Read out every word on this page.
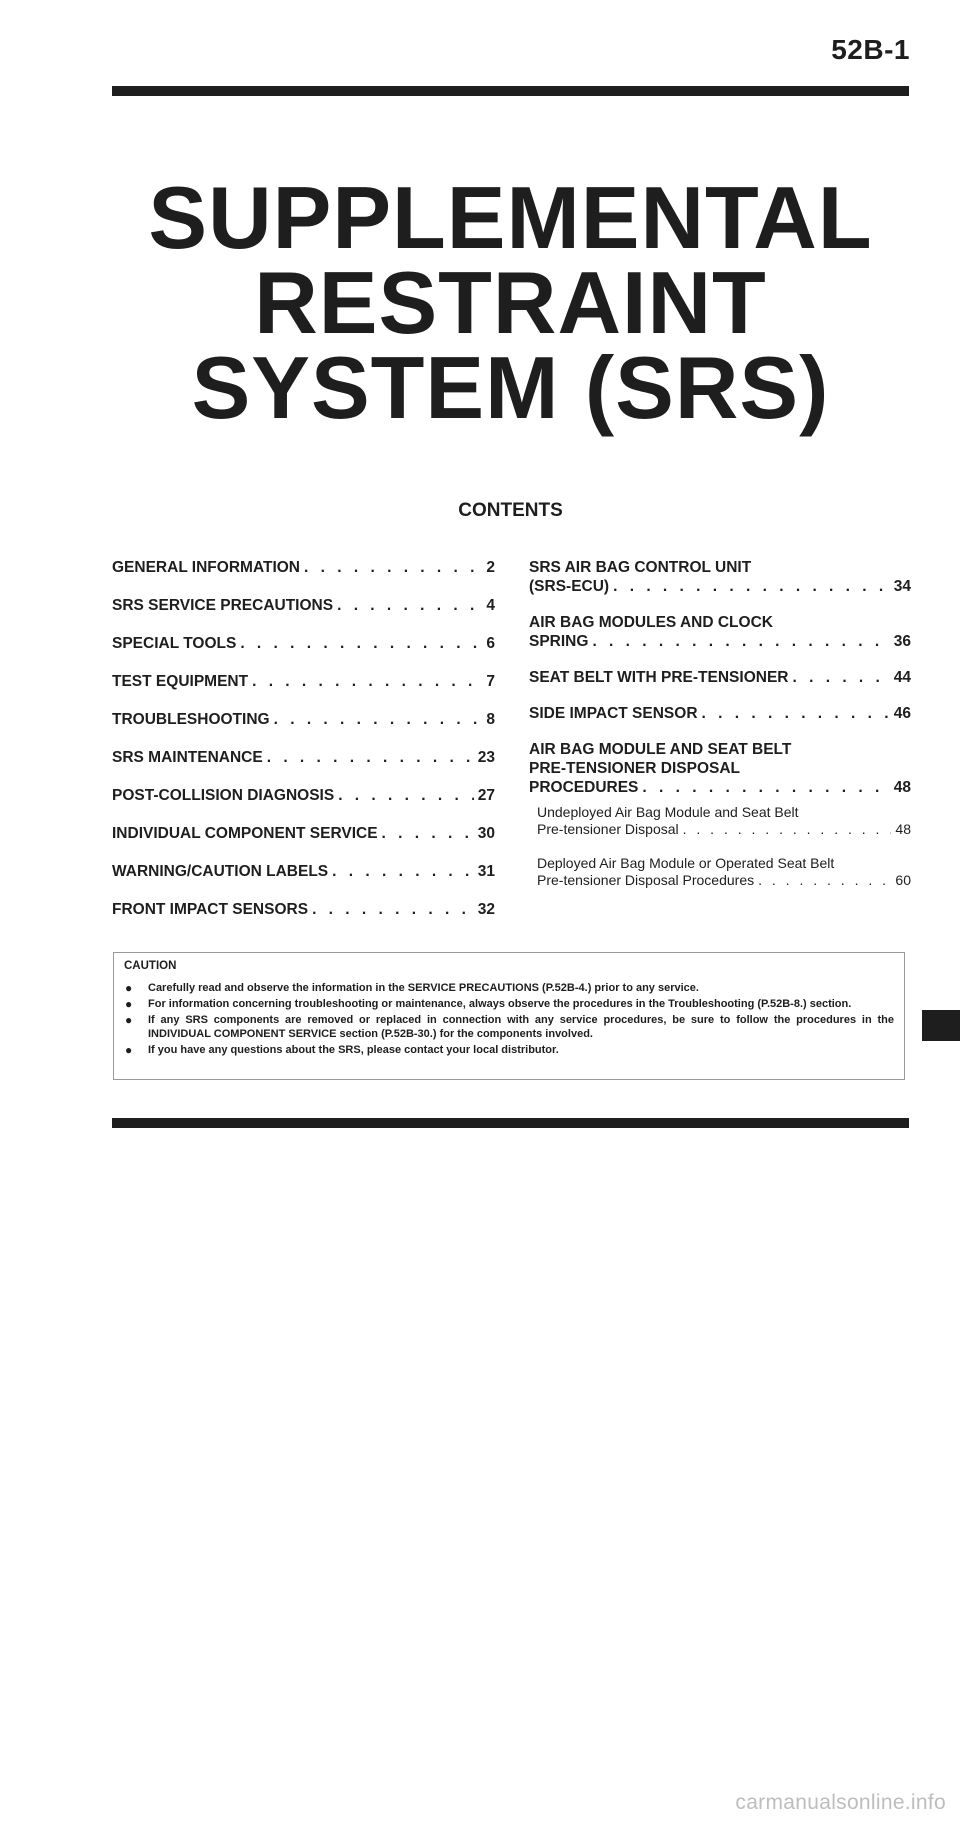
52B-1
SUPPLEMENTAL
RESTRAINT
SYSTEM (SRS)
CONTENTS
GENERAL INFORMATION . . .	2
SRS SERVICE PRECAUTIONS . . .	4
SPECIAL TOOLS . . .	6
TEST EQUIPMENT . . .	7
TROUBLESHOOTING . . .	8
SRS MAINTENANCE . . .	23
POST-COLLISION DIAGNOSIS . . .	27
INDIVIDUAL COMPONENT SERVICE . . .	30
WARNING/CAUTION LABELS . . .	31
FRONT IMPACT SENSORS . . .	32
SRS AIR BAG CONTROL UNIT
(SRS-ECU) . . .	34
AIR BAG MODULES AND CLOCK
SPRING . . .	36
SEAT BELT WITH PRE-TENSIONER . . .	44
SIDE IMPACT SENSOR . . .	46
AIR BAG MODULE AND SEAT BELT
PRE-TENSIONER DISPOSAL
PROCEDURES . . .	48
Undeployed Air Bag Module and Seat Belt
Pre-tensioner Disposal . . .	48
Deployed Air Bag Module or Operated Seat Belt
Pre-tensioner Disposal Procedures . . .	60
CAUTION
● Carefully read and observe the information in the SERVICE PRECAUTIONS (P.52B-4.) prior to any service.
● For information concerning troubleshooting or maintenance, always observe the procedures in the Troubleshooting (P.52B-8.) section.
● If any SRS components are removed or replaced in connection with any service procedures, be sure to follow the procedures in the INDIVIDUAL COMPONENT SERVICE section (P.52B-30.) for the components involved.
● If you have any questions about the SRS, please contact your local distributor.
carmanualsonline.info
